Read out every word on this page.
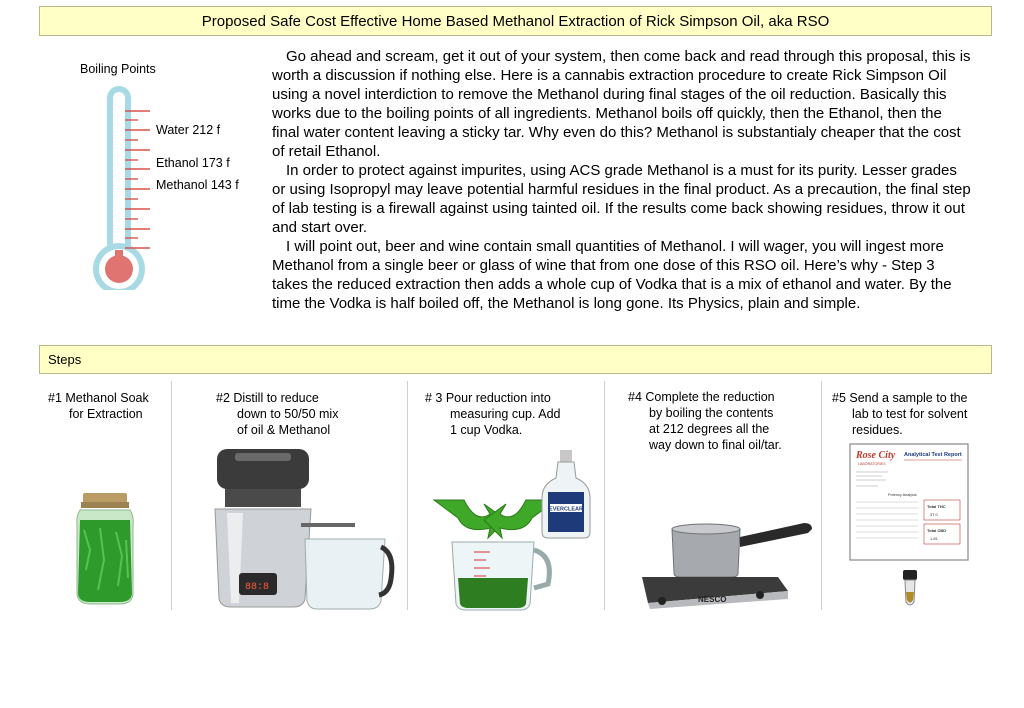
Proposed Safe Cost Effective Home Based Methanol Extraction of Rick Simpson Oil, aka RSO
Boiling Points
Water 212 f
Ethanol 173 f
Methanol 143 f

Go ahead and scream, get it out of your system, then come back and read through this proposal, this is worth a discussion if nothing else. Here is a cannabis extraction procedure to create Rick Simpson Oil using a novel interdiction to remove the Methanol during final stages of the oil reduction. Basically this works due to the boiling points of all ingredients. Methanol boils off quickly, then the Ethanol, then the final water content leaving a sticky tar. Why even do this? Methanol is substantialy cheaper that the cost of retail Ethanol.

In order to protect against impurites, using ACS grade Methanol is a must for its purity. Lesser grades or using Isopropyl may leave potential harmful residues in the final product. As a precaution, the final step of lab testing is a firewall against using tainted oil. If the results come back showing residues, throw it out and start over.

I will point out, beer and wine contain small quantities of Methanol. I will wager, you will ingest more Methanol from a single beer or glass of wine that from one dose of this RSO oil. Here’s why - Step 3 takes the reduced extraction then adds a whole cup of Vodka that is a mix of ethanol and water. By the time the Vodka is half boiled off, the Methanol is long gone. Its Physics, plain and simple.

Steps
#1 Methanol Soak
for Extraction
#2 Distill to reduce
down to 50/50 mix
of oil & Methanol
# 3 Pour reduction into
measuring cup. Add
1 cup Vodka.
#4 Complete the reduction
by boiling the contents
at 212 degrees all the
way down to final oil/tar.
#5 Send a sample to the
lab to test for solvent
residues.
88:8
EVERCLEAR
NESCO
Rose City
LABORATORIES
Analytical Test Report
Potency Analysis
Total THC
37.0
Total CBD
1.81
